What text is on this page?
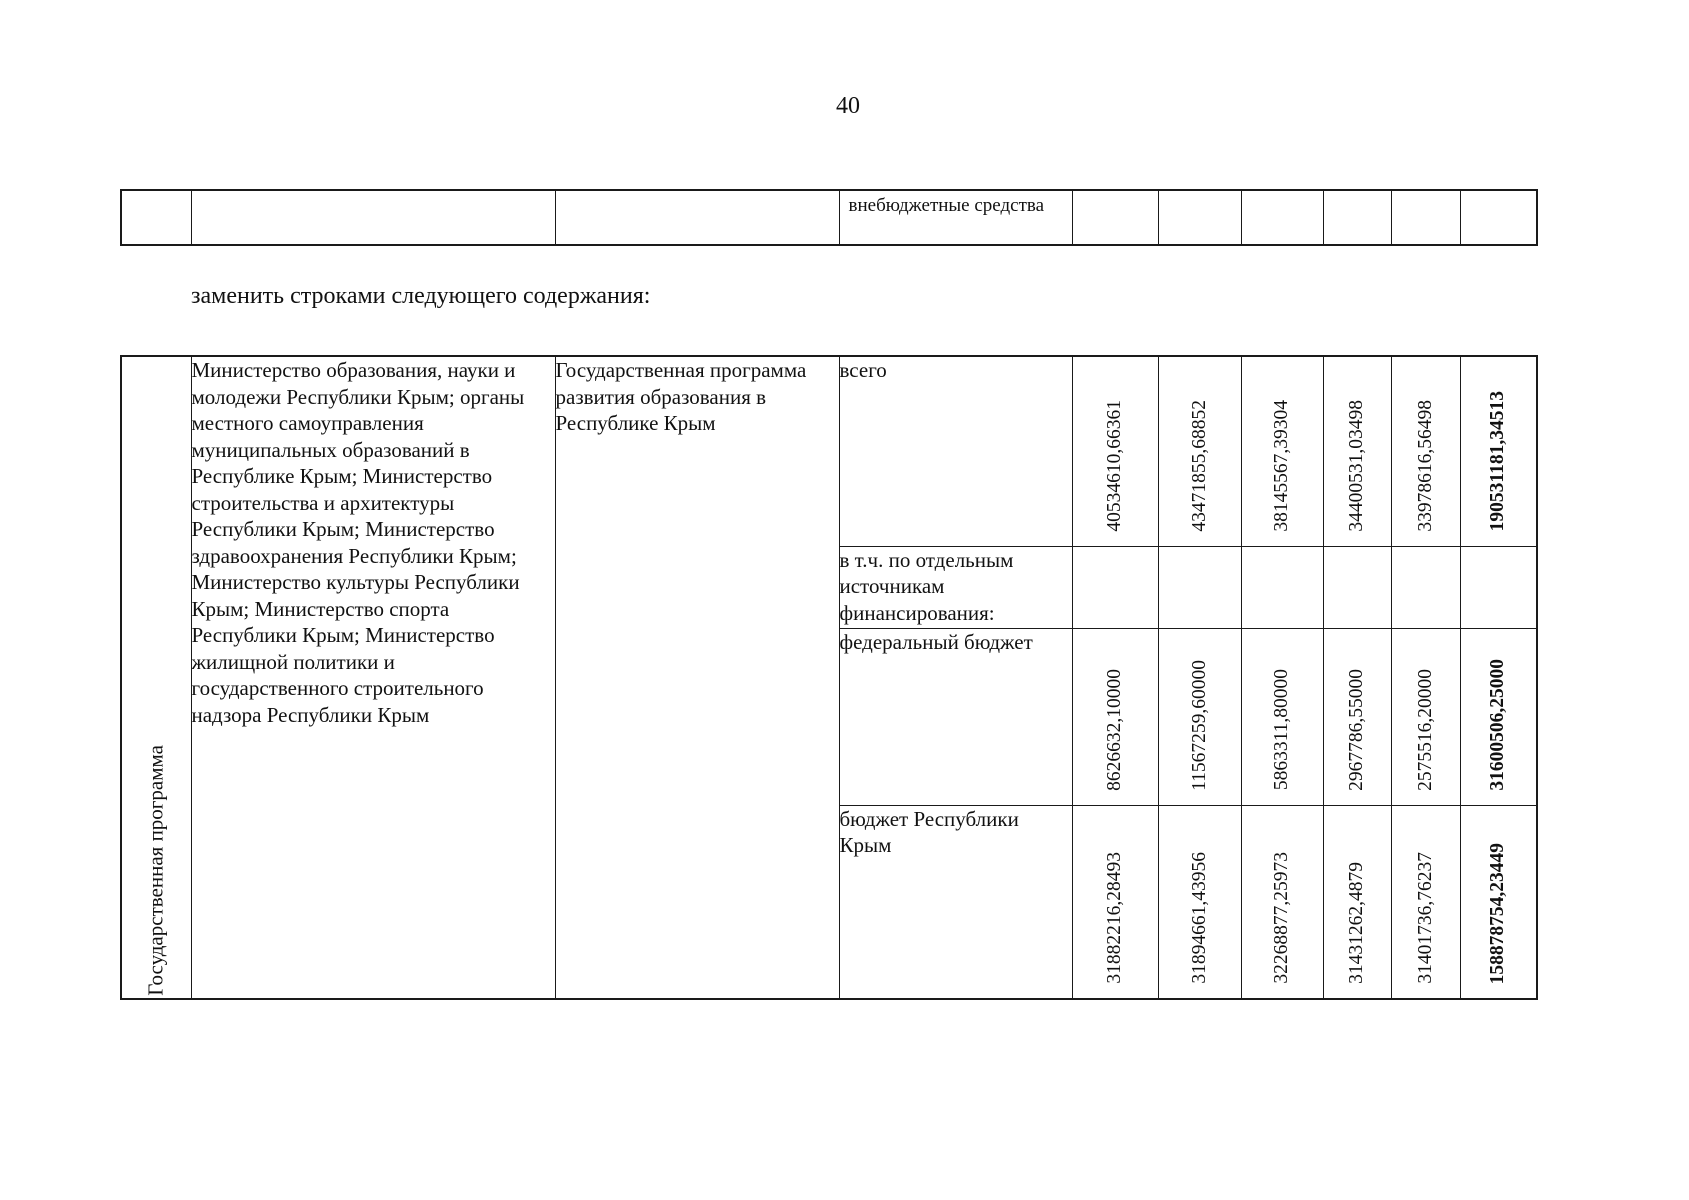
40
			внебюджетные средства						
заменить строками следующего содержания:
Государственная программа	Министерство образования, науки и молодежи Республики Крым; органы местного самоуправления муниципальных образований в Республике Крым; Министерство строительства и архитектуры Республики Крым; Министерство здравоохранения Республики Крым; Министерство культуры Республики Крым; Министерство спорта Республики Крым; Министерство жилищной политики и государственного строительного надзора Республики Крым	Государственная программа развития образования в Республике Крым	всего	40534610,66361	43471855,68852	38145567,39304	34400531,03498	33978616,56498	190531181,34513

			в т.ч. по отдельным источникам финансирования:						
			федеральный бюджет	8626632,10000	11567259,60000	5863311,80000	2967786,55000	2575516,20000	31600506,25000

			бюджет Республики Крым	31882216,28493	31894661,43956	32268877,25973	31431262,4879	31401736,76237	158878754,23449
